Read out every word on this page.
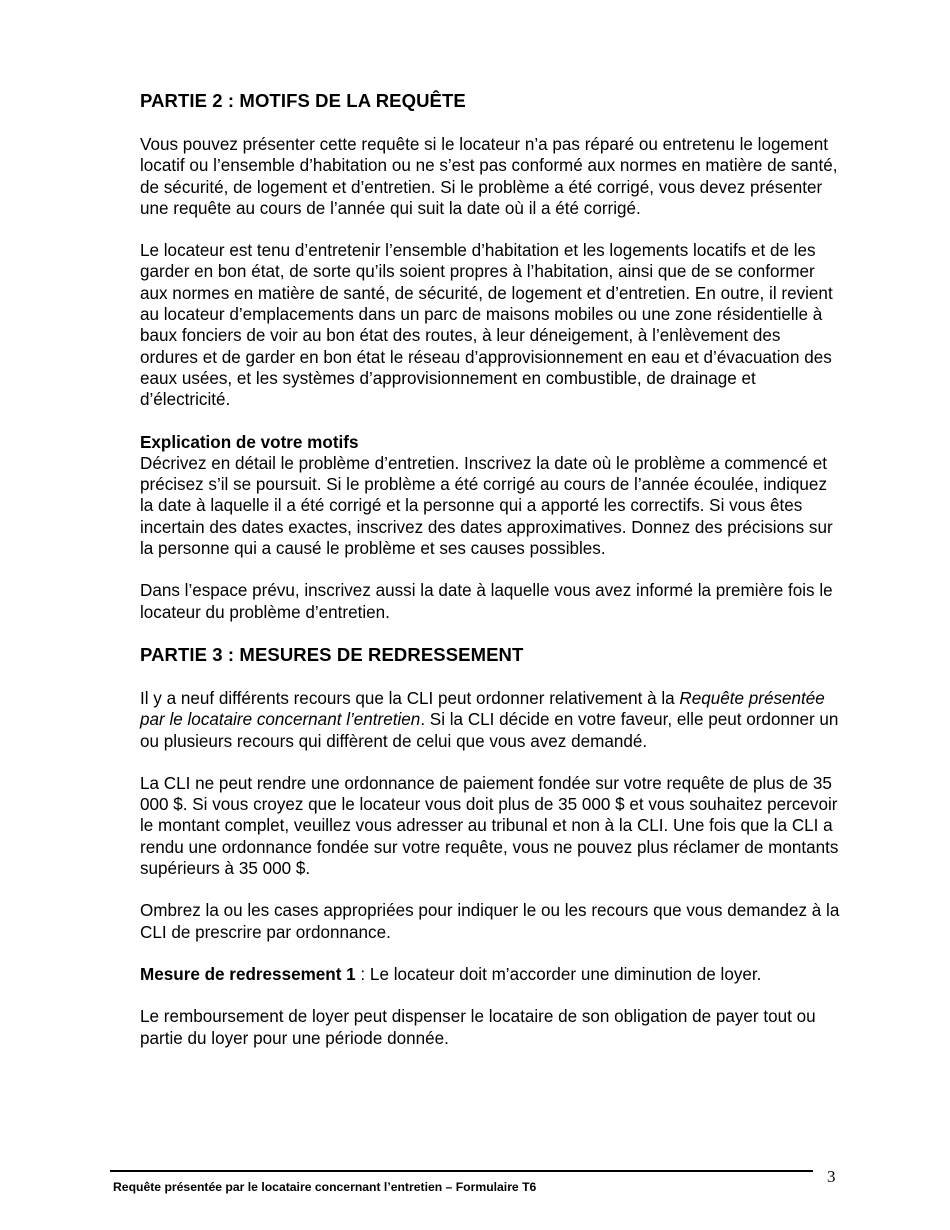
PARTIE 2 : MOTIFS DE LA REQUÊTE

Vous pouvez présenter cette requête si le locateur n’a pas réparé ou entretenu le logement locatif ou l’ensemble d’habitation ou ne s’est pas conformé aux normes en matière de santé, de sécurité, de logement et d’entretien. Si le problème a été corrigé, vous devez présenter une requête au cours de l’année qui suit la date où il a été corrigé.

Le locateur est tenu d’entretenir l’ensemble d’habitation et les logements locatifs et de les garder en bon état, de sorte qu’ils soient propres à l’habitation, ainsi que de se conformer aux normes en matière de santé, de sécurité, de logement et d’entretien. En outre, il revient au locateur d’emplacements dans un parc de maisons mobiles ou une zone résidentielle à baux fonciers de voir au bon état des routes, à leur déneigement, à l’enlèvement des ordures et de garder en bon état le réseau d’approvisionnement en eau et d’évacuation des eaux usées, et les systèmes d’approvisionnement en combustible, de drainage et d’électricité.

Explication de votre motifs

Décrivez en détail le problème d’entretien. Inscrivez la date où le problème a commencé et précisez s’il se poursuit. Si le problème a été corrigé au cours de l’année écoulée, indiquez la date à laquelle il a été corrigé et la personne qui a apporté les correctifs. Si vous êtes incertain des dates exactes, inscrivez des dates approximatives. Donnez des précisions sur la personne qui a causé le problème et ses causes possibles.

Dans l’espace prévu, inscrivez aussi la date à laquelle vous avez informé la première fois le locateur du problème d’entretien.

PARTIE 3 : MESURES DE REDRESSEMENT

Il y a neuf différents recours que la CLI peut ordonner relativement à la Requête présentée par le locataire concernant l’entretien. Si la CLI décide en votre faveur, elle peut ordonner un ou plusieurs recours qui diffèrent de celui que vous avez demandé.

La CLI ne peut rendre une ordonnance de paiement fondée sur votre requête de plus de 35 000 $. Si vous croyez que le locateur vous doit plus de 35 000 $ et vous souhaitez percevoir le montant complet, veuillez vous adresser au tribunal et non à la CLI. Une fois que la CLI a rendu une ordonnance fondée sur votre requête, vous ne pouvez plus réclamer de montants supérieurs à 35 000 $.

Ombrez la ou les cases appropriées pour indiquer le ou les recours que vous demandez à la CLI de prescrire par ordonnance.

Mesure de redressement 1 : Le locateur doit m’accorder une diminution de loyer.

Le remboursement de loyer peut dispenser le locataire de son obligation de payer tout ou partie du loyer pour une période donnée.

Requête présentée par le locataire concernant l’entretien – Formulaire T6
3
